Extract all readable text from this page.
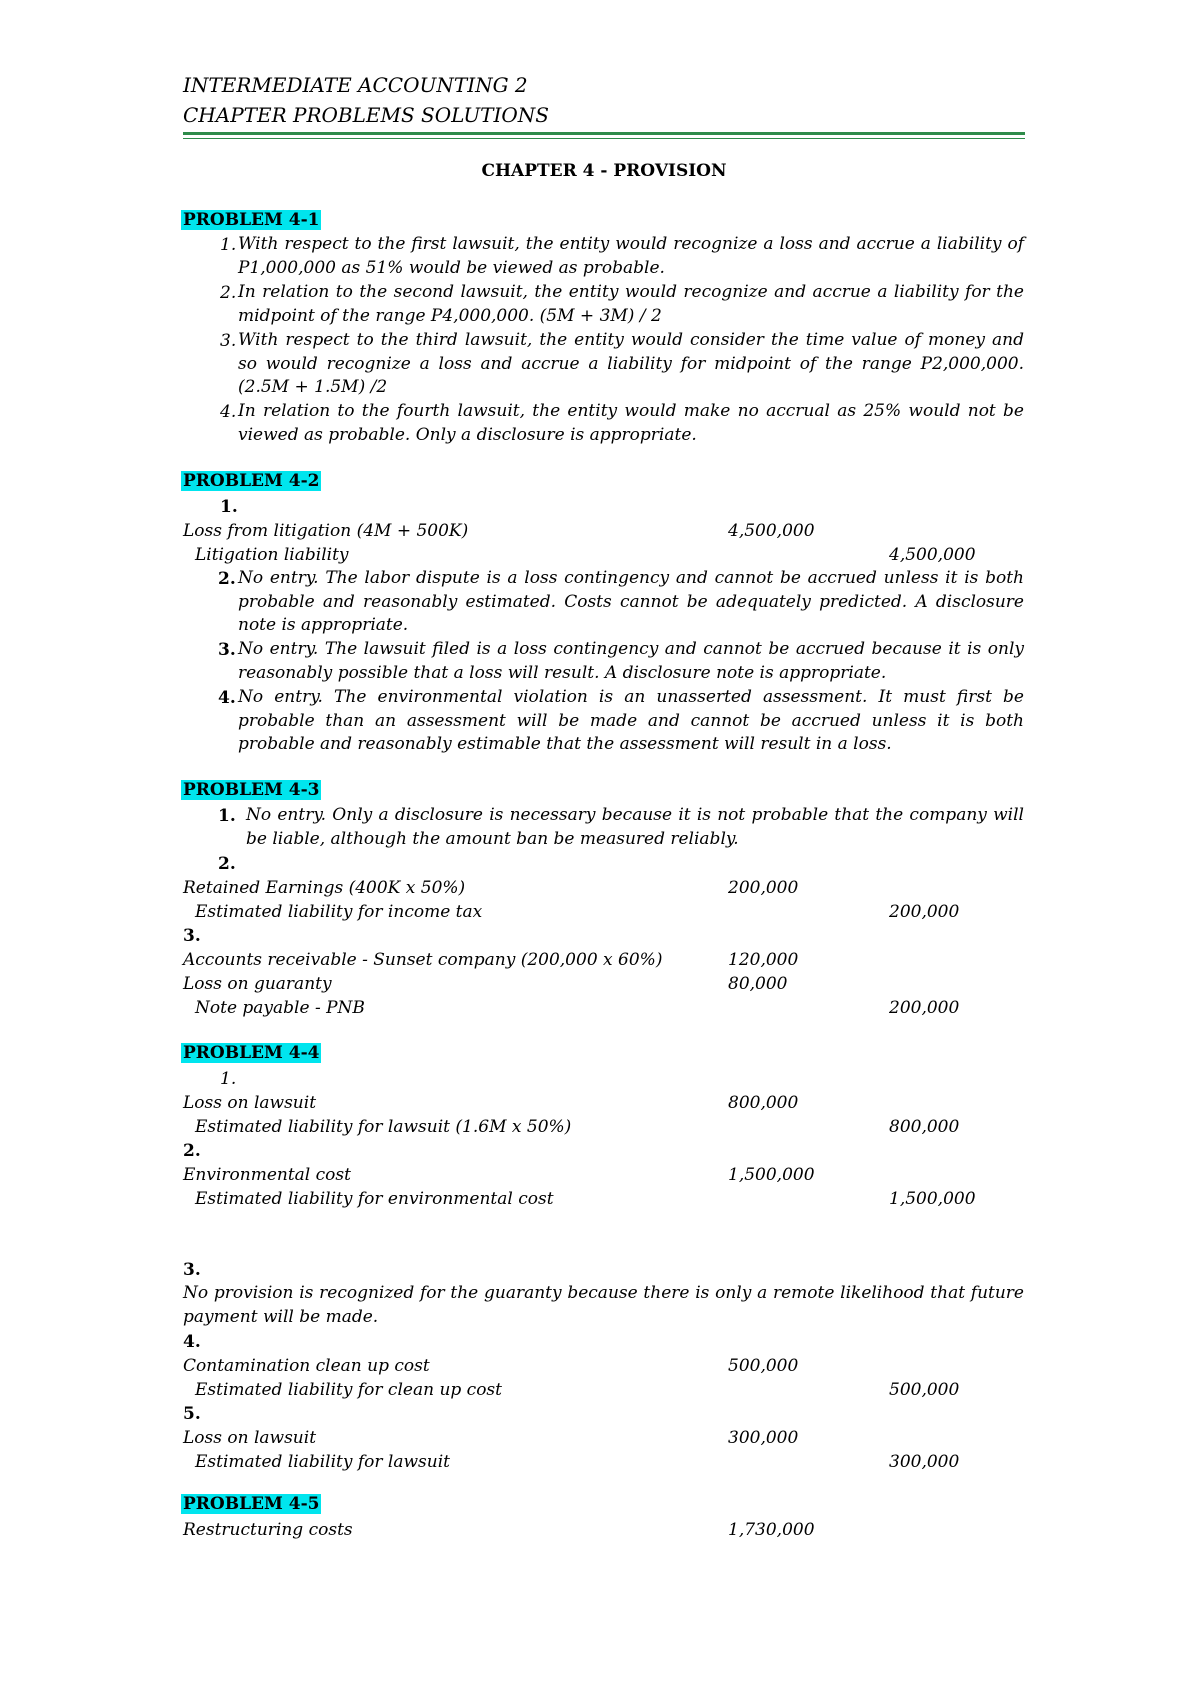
INTERMEDIATE ACCOUNTING 2
CHAPTER PROBLEMS SOLUTIONS
CHAPTER 4 - PROVISION
PROBLEM 4-1
1. With respect to the first lawsuit, the entity would recognize a loss and accrue a liability of P1,000,000 as 51% would be viewed as probable.
2. In relation to the second lawsuit, the entity would recognize and accrue a liability for the midpoint of the range P4,000,000. (5M + 3M) / 2
3. With respect to the third lawsuit, the entity would consider the time value of money and so would recognize a loss and accrue a liability for midpoint of the range P2,000,000. (2.5M + 1.5M) /2
4. In relation to the fourth lawsuit, the entity would make no accrual as 25% would not be viewed as probable. Only a disclosure is appropriate.
PROBLEM 4-2
1.
Loss from litigation (4M + 500K)	4,500,000
Litigation liability	4,500,000
2. No entry. The labor dispute is a loss contingency and cannot be accrued unless it is both probable and reasonably estimated. Costs cannot be adequately predicted. A disclosure note is appropriate.
3. No entry. The lawsuit filed is a loss contingency and cannot be accrued because it is only reasonably possible that a loss will result. A disclosure note is appropriate.
4. No entry. The environmental violation is an unasserted assessment. It must first be probable than an assessment will be made and cannot be accrued unless it is both probable and reasonably estimable that the assessment will result in a loss.
PROBLEM 4-3
1. No entry. Only a disclosure is necessary because it is not probable that the company will be liable, although the amount ban be measured reliably.
2.
Retained Earnings (400K x 50%)	200,000
Estimated liability for income tax	200,000
3.
Accounts receivable - Sunset company (200,000 x 60%)	120,000
Loss on guaranty	80,000
Note payable - PNB	200,000
PROBLEM 4-4
1.
Loss on lawsuit	800,000
Estimated liability for lawsuit (1.6M x 50%)	800,000
2.
Environmental cost	1,500,000
Estimated liability for environmental cost	1,500,000
3.
No provision is recognized for the guaranty because there is only a remote likelihood that future payment will be made.
4.
Contamination clean up cost	500,000
Estimated liability for clean up cost	500,000
5.
Loss on lawsuit	300,000
Estimated liability for lawsuit	300,000
PROBLEM 4-5
Restructuring costs	1,730,000
